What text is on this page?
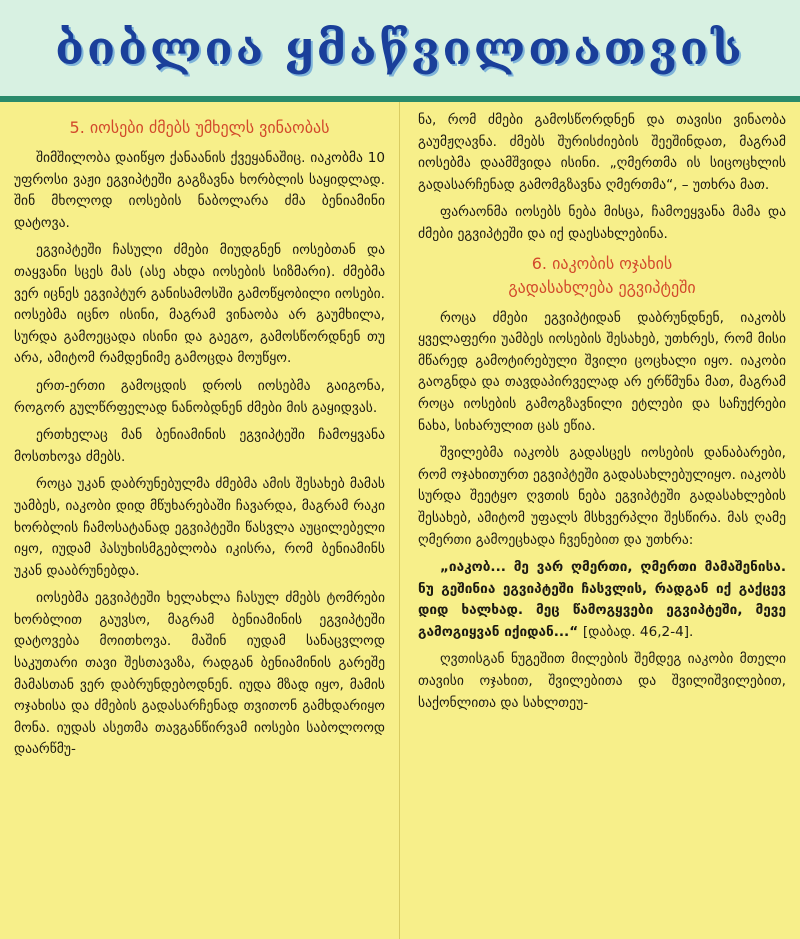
ბიბლია ყმაწვილთათვის
5. იოსები ძმებს უმხელს ვინაობას

შიმშილობა დაიწყო ქანაანის ქვეყანაშიც. იაკობმა 10 უფროსი ვაჟი ეგვიპტეში გაგზავნა ხორბლის საყიდლად. შინ მხოლოდ იოსების ნაბოლარა ძმა ბენიამინი დატოვა.

ეგვიპტეში ჩასული ძმები მიუდგნენ იოსებთან და თაყვანი სცეს მას (ასე ახდა იოსების სიზმარი). ძმებმა ვერ იცნეს ეგვიპტურ განისამოსში გამოწყობილი იოსები. იოსებმა იცნო ისინი, მაგრამ ვინაობა არ გაუმხილა, სურდა გამოეცადა ისინი და გაეგო, გამოსწორდნენ თუ არა, ამიტომ რამდენიმე გამოცდა მოუწყო.

ერთ-ერთი გამოცდის დროს იოსებმა გაიგონა, როგორ გულწრფელად ნანობდნენ ძმები მის გაყიდვას.

ერთხელაც მან ბენიამინის ეგვიპტეში ჩამოყვანა მოსთხოვა ძმებს.

როცა უკან დაბრუნებულმა ძმებმა ამის შესახებ მამას უამბეს, იაკობი დიდ მწუხარებაში ჩავარდა, მაგრამ რაკი ხორბლის ჩამოსატანად ეგვიპტეში წასვლა აუცილებელი იყო, იუდამ პასუხისმგებლობა იკისრა, რომ ბენიამინს უკან დააბრუნებდა.

იოსებმა ეგვიპტეში ხელახლა ჩასულ ძმებს ტომრები ხორბლით გაუვსო, მაგრამ ბენიამინის ეგვიპტეში დატოვება მოითხოვა. მაშინ იუდამ სანაცვლოდ საკუთარი თავი შესთავაზა, რადგან ბენიამინის გარეშე მამასთან ვერ დაბრუნდებოდნენ. იუდა მზად იყო, მამის ოჯახისა და ძმების გადასარჩენად თვითონ გამხდარიყო მონა. იუდას ასეთმა თავგანწირვამ იოსები საბოლოოდ დაარწმუ-

ნა, რომ ძმები გამოსწორდნენ და თავისი ვინაობა გაუმჟღავნა. ძმებს შურისძიების შეეშინდათ, მაგრამ იოსებმა დაამშვიდა ისინი. „ღმერთმა ის სიცოცხლის გადასარჩენად გამომგზავნა ღმერთმა“, – უთხრა მათ.

ფარაონმა იოსებს ნება მისცა, ჩამოეყვანა მამა და ძმები ეგვიპტეში და იქ დაესახლებინა.

6. იაკობის ოჯახის
გადასახლება ეგვიპტეში

როცა ძმები ეგვიპტიდან დაბრუნდნენ, იაკობს ყველაფერი უამბეს იოსების შესახებ, უთხრეს, რომ მისი მწარედ გამოტირებული შვილი ცოცხალი იყო. იაკობი გაოგნდა და თავდაპირველად არ ერწმუნა მათ, მაგრამ როცა იოსების გამოგზავნილი ეტლები და საჩუქრები ნახა, სიხარულით ცას ეწია.

შვილებმა იაკობს გადასცეს იოსების დანაბარები, რომ ოჯახითურთ ეგვიპტეში გადასახლებულიყო. იაკობს სურდა შეეტყო ღვთის ნება ეგვიპტეში გადასახლების შესახებ, ამიტომ უფალს მსხვერპლი შესწირა. მას ღამე ღმერთი გამოეცხადა ჩვენებით და უთხრა:

„იაკობ... მე ვარ ღმერთი, ღმერთი მამაშენისა. ნუ გეშინია ეგვიპტეში ჩასვლის, რადგან იქ გაქცევ დიდ ხალხად. მეც წამოგყვები ეგვიპტეში, მევე გამოგიყვან იქიდან...“ [დაბად. 46,2-4].

ღვთისგან ნუგეშით მილების შემდეგ იაკობი მთელი თავისი ოჯახით, შვილებითა და შვილიშვილებით, საქონლითა და სახლთეუ-
